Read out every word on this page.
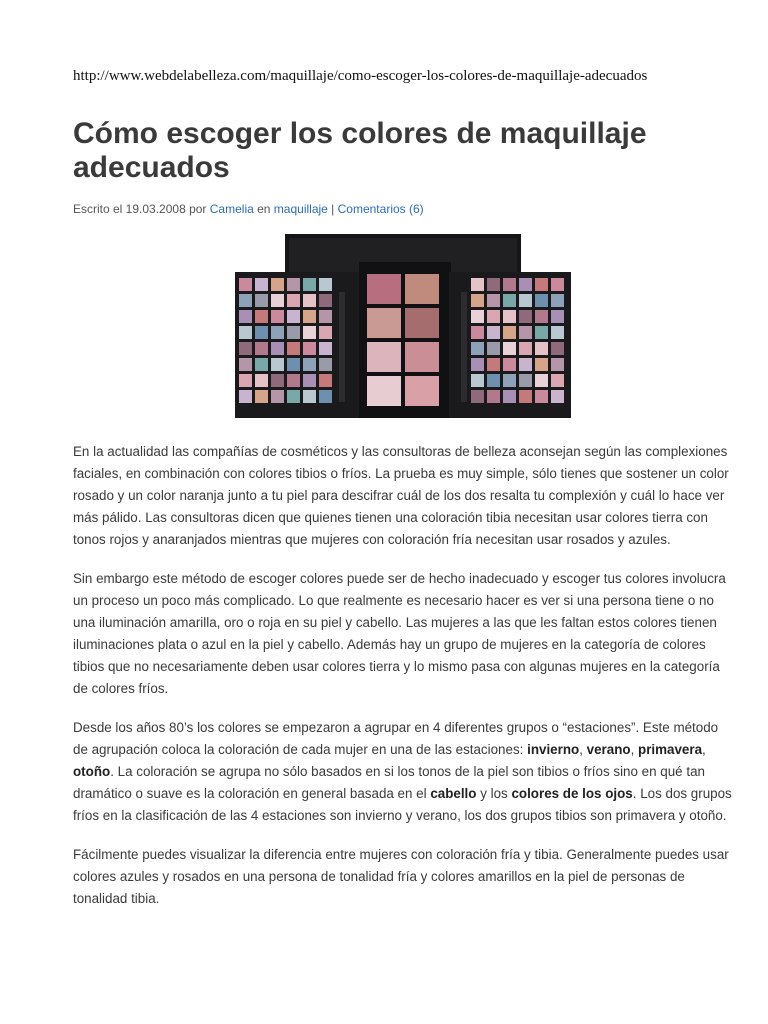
http://www.webdelabelleza.com/maquillaje/como-escoger-los-colores-de-maquillaje-adecuados
Cómo escoger los colores de maquillaje adecuados
Escrito el 19.03.2008 por Camelia en maquillaje | Comentarios (6)

En la actualidad las compañías de cosméticos y las consultoras de belleza aconsejan según las complexiones faciales, en combinación con colores tibios o fríos. La prueba es muy simple, sólo tienes que sostener un color rosado y un color naranja junto a tu piel para descifrar cuál de los dos resalta tu complexión y cuál lo hace ver más pálido. Las consultoras dicen que quienes tienen una coloración tibia necesitan usar colores tierra con tonos rojos y anaranjados mientras que mujeres con coloración fría necesitan usar rosados y azules.

Sin embargo este método de escoger colores puede ser de hecho inadecuado y escoger tus colores involucra un proceso un poco más complicado. Lo que realmente es necesario hacer es ver si una persona tiene o no una iluminación amarilla, oro o roja en su piel y cabello. Las mujeres a las que les faltan estos colores tienen iluminaciones plata o azul en la piel y cabello. Además hay un grupo de mujeres en la categoría de colores tibios que no necesariamente deben usar colores tierra y lo mismo pasa con algunas mujeres en la categoría de colores fríos.

Desde los años 80’s los colores se empezaron a agrupar en 4 diferentes grupos o “estaciones”. Este método de agrupación coloca la coloración de cada mujer en una de las estaciones: invierno, verano, primavera, otoño. La coloración se agrupa no sólo basados en si los tonos de la piel son tibios o fríos sino en qué tan dramático o suave es la coloración en general basada en el cabello y los colores de los ojos. Los dos grupos fríos en la clasificación de las 4 estaciones son invierno y verano, los dos grupos tibios son primavera y otoño.

Fácilmente puedes visualizar la diferencia entre mujeres con coloración fría y tibia. Generalmente puedes usar colores azules y rosados en una persona de tonalidad fría y colores amarillos en la piel de personas de tonalidad tibia.
